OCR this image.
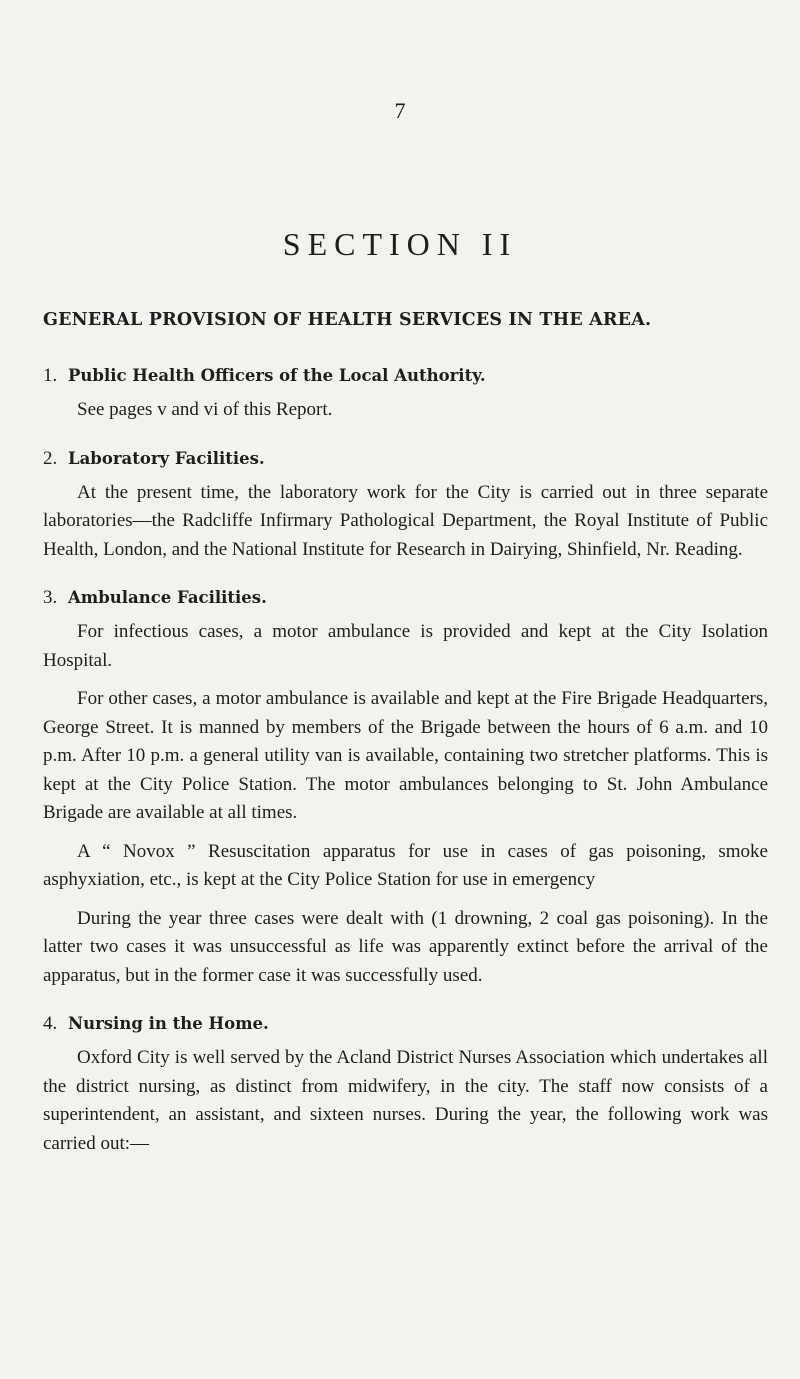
7
SECTION II
GENERAL PROVISION OF HEALTH SERVICES IN THE AREA.

1. Public Health Officers of the Local Authority.

See pages v and vi of this Report.

2. Laboratory Facilities.

At the present time, the laboratory work for the City is carried out in three separate laboratories—the Radcliffe Infirmary Pathological Department, the Royal Institute of Public Health, London, and the National Institute for Research in Dairying, Shinfield, Nr. Reading.

3. Ambulance Facilities.

For infectious cases, a motor ambulance is provided and kept at the City Isolation Hospital.

For other cases, a motor ambulance is available and kept at the Fire Brigade Headquarters, George Street. It is manned by members of the Brigade between the hours of 6 a.m. and 10 p.m. After 10 p.m. a general utility van is available, containing two stretcher platforms. This is kept at the City Police Station. The motor ambulances belonging to St. John Ambulance Brigade are available at all times.

A “ Novox ” Resuscitation apparatus for use in cases of gas poisoning, smoke asphyxiation, etc., is kept at the City Police Station for use in emergency

During the year three cases were dealt with (1 drowning, 2 coal gas poisoning). In the latter two cases it was unsuccessful as life was apparently extinct before the arrival of the apparatus, but in the former case it was successfully used.

4. Nursing in the Home.

Oxford City is well served by the Acland District Nurses Association which undertakes all the district nursing, as distinct from midwifery, in the city. The staff now consists of a superintendent, an assistant, and sixteen nurses. During the year, the following work was carried out:—
